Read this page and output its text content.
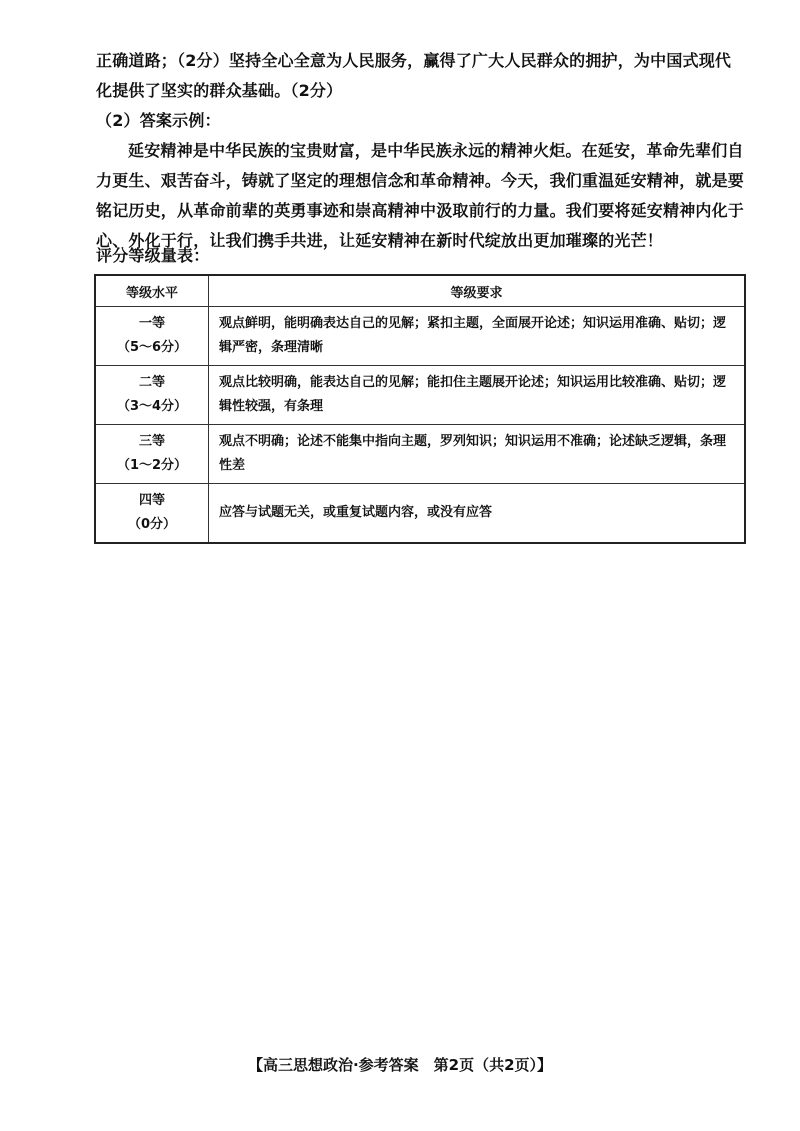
正确道路；（2分）坚持全心全意为人民服务，赢得了广大人民群众的拥护，为中国式现代化提供了坚实的群众基础。（2分）

（2）答案示例：

延安精神是中华民族的宝贵财富，是中华民族永远的精神火炬。在延安，革命先辈们自力更生、艰苦奋斗，铸就了坚定的理想信念和革命精神。今天，我们重温延安精神，就是要铭记历史，从革命前辈的英勇事迹和崇高精神中汲取前行的力量。我们要将延安精神内化于心、外化于行，让我们携手共进，让延安精神在新时代绽放出更加璀璨的光芒！

评分等级量表：

等级水平	等级要求

一等
（5～6分）	观点鲜明，能明确表达自己的见解；紧扣主题，全面展开论述；知识运用准确、贴切；逻辑严密，条理清晰

二等
（3～4分）	观点比较明确，能表达自己的见解；能扣住主题展开论述；知识运用比较准确、贴切；逻辑性较强，有条理

三等
（1～2分）	观点不明确；论述不能集中指向主题，罗列知识；知识运用不准确；论述缺乏逻辑，条理性差

四等
（0分）	应答与试题无关，或重复试题内容，或没有应答
【高三思想政治·参考答案　第2页（共2页）】
